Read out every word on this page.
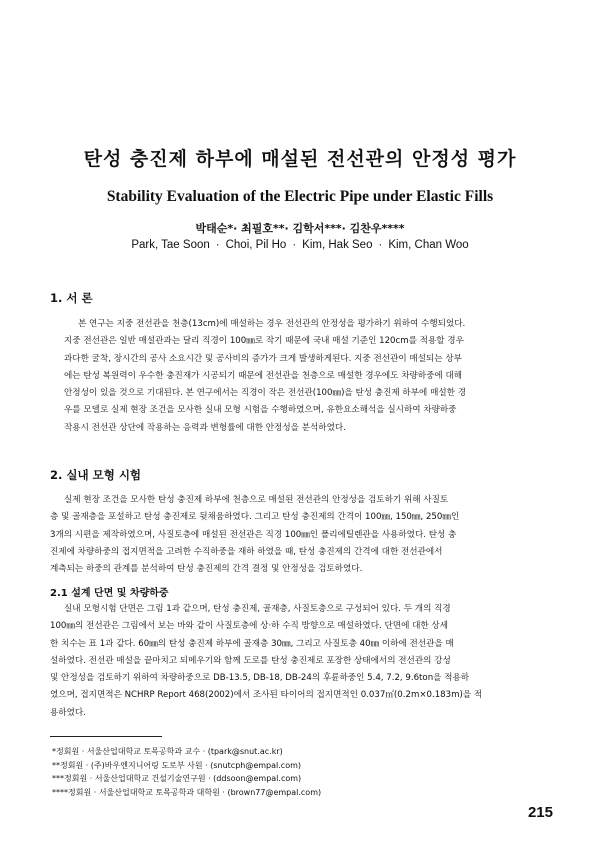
탄성 충진제 하부에 매설된 전선관의 안정성 평가
Stability Evaluation of the Electric Pipe under Elastic Fills
박태순*· 최필호**· 김학서***· 김찬우****
Park, Tae Soon · Choi, Pil Ho · Kim, Hak Seo · Kim, Chan Woo
1. 서 론

본 연구는 지중 전선관을 천층(13cm)에 매설하는 경우 전선관의 안정성을 평가하기 위하여 수행되었다.
지중 전선관은 일반 매설관과는 달리 직경이 100㎜로 작기 때문에 국내 매설 기준인 120cm를 적용할 경우
과다한 굴착, 장시간의 공사 소요시간 및 공사비의 증가가 크게 발생하게된다. 지중 전선관이 매설되는 상부
에는 탄성 복원력이 우수한 충진재가 시공되기 때문에 전선관을 천층으로 매설한 경우에도 차량하중에 대해
안정성이 있을 것으로 기대된다. 본 연구에서는 직경이 작은 전선관(100㎜)을 탄성 충진제 하부에 매설한 경
우를 모델로 실제 현장 조건을 모사한 실내 모형 시험을 수행하였으며, 유한요소해석을 실시하여 차량하중
작용시 전선관 상단에 작용하는 응력과 변형률에 대한 안정성을 분석하였다.

2. 실내 모형 시험

실제 현장 조건을 모사한 탄성 충진제 하부에 천층으로 매설된 전선관의 안정성을 검토하기 위해 사질토
층 및 골재층을 포설하고 탄성 충진제로 뒷채움하였다. 그리고 탄성 충진제의 간격이 100㎜, 150㎜, 250㎜인
3개의 시편을 제작하였으며, 사질토층에 매설된 전선관은 직경 100㎜인 폴리에틸렌관을 사용하였다. 탄성 충
진제에 차량하중의 접지면적을 고려한 수직하중을 재하 하였을 때, 탄성 충진제의 간격에 대한 전선관에서
계측되는 하중의 관계를 분석하여 탄성 충진제의 간격 결정 및 안정성을 검토하였다.

2.1 설계 단면 및 차량하중

실내 모형시험 단면은 그림 1과 같으며, 탄성 충진제, 골재층, 사질토층으로 구성되어 있다. 두 개의 직경
100㎜의 전선관은 그림에서 보는 바와 같이 사질토층에 상·하 수직 방향으로 매설하였다. 단면에 대한 상세
한 치수는 표 1과 같다. 60㎜의 탄성 충진제 하부에 골재층 30㎜, 그리고 사질토층 40㎜ 이하에 전선관을 매
설하였다. 전선관 매설을 끝마치고 되메우기와 함께 도로를 탄성 충진제로 포장한 상태에서의 전선관의 강성
및 안정성을 검토하기 위하여 차량하중으로 DB-13.5, DB-18, DB-24의 후륜하중인 5.4, 7.2, 9.6ton을 적용하
였으며, 접지면적은 NCHRP Report 468(2002)에서 조사된 타이어의 접지면적인 0.037㎡(0.2m×0.183m)을 적
용하였다.

*정회원 · 서울산업대학교 토목공학과 교수 · (tpark@snut.ac.kr)
**정회원 · (주)바우엔지니어링 도로부 사원 · (snutcph@empal.com)
***정회원 · 서울산업대학교 건설기술연구원 · (ddsoon@empal.com)
****정회원 · 서울산업대학교 토목공학과 대학원 · (brown77@empal.com)
215
